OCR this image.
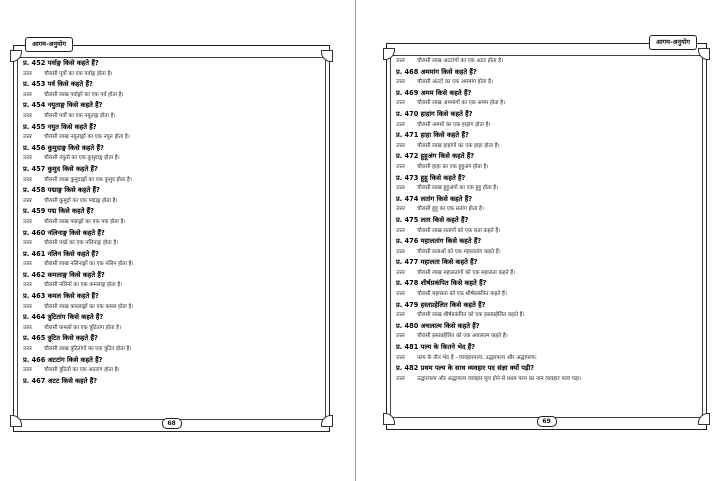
प्र. 452 पर्वाङ्ग किसे कहते हैं?
उत्तर चौरासी पूर्वों का एक पर्वाङ्ग होता है।
प्र. 453 पर्व किसे कहते हैं?
उत्तर चौरासी लाख पर्वाङ्गों का एक पर्व होता है।
प्र. 454 नयुताङ्ग किसे कहते हैं?
उत्तर चौरासी पर्वों का एक नयुताङ्ग होता है।
प्र. 455 नयुत किसे कहते हैं?
उत्तर चौरासी लाख नयुताङ्गों का एक नयुत होता है।
प्र. 456 कुमुदाङ्ग किसे कहते हैं?
उत्तर चौरासी नयुतों का एक कुमुदाङ्ग होता है।
प्र. 457 कुमुद किसे कहते हैं?
उत्तर चौरासी लाख कुमुदाङ्गों का एक कुमुद होता है।
प्र. 458 पद्माङ्ग किसे कहते हैं?
उत्तर चौरासी कुमुदों का एक पद्माङ्ग होता है।
प्र. 459 पद्म किसे कहते हैं?
उत्तर चौरासी लाख पद्माङ्गों का एक पद्म होता है।
प्र. 460 नलिनाङ्ग किसे कहते हैं?
उत्तर चौरासी पद्मों का एक नलिनाङ्ग होता है।
प्र. 461 नलिन किसे कहते हैं?
उत्तर चौरासी लाख नलिनाङ्गों का एक नलिन होता है।
प्र. 462 कमलाङ्ग किसे कहते हैं?
उत्तर चौरासी नलिनों का एक कमलाङ्ग होता है।
प्र. 463 कमल किसे कहते हैं?
उत्तर चौरासी लाख कमलाङ्गों का एक कमल होता है।
प्र. 464 त्रुटितांग किसे कहते हैं?
उत्तर चौरासी कमलों का एक त्रुटितांग होता है।
प्र. 465 त्रुटित किसे कहते हैं?
उत्तर चौरासी लाख त्रुटितांगों का एक त्रुटित होता है।
प्र. 466 अटटांग किसे कहते हैं?
उत्तर चौरासी त्रुटितों का एक अटटांग होता है।
प्र. 467 अटट किसे कहते हैं?
68
आगम-अनुयोग
उत्तर चौरासी लाख अटटांगों का एक अटट होता है।
प्र. 468 अममांग किसे कहते हैं?
उत्तर चौरासी अटटों का एक अममांग होता है।
प्र. 469 अमम किसे कहते हैं?
उत्तर चौरासी लाख अममांगों का एक अमम होता है।
प्र. 470 हाहांग किसे कहते हैं?
उत्तर चौरासी अममों का एक हाहांग होता है।
प्र. 471 हाहा किसे कहते हैं?
उत्तर चौरासी लाख हाहांगों का एक हाहा होता है।
प्र. 472 हूहूअंग किसे कहते हैं?
उत्तर चौरासी हाहा का एक हूहूअंग होता है।
प्र. 473 हूहू किसे कहते हैं?
उत्तर चौरासी लाख हूहूअंगों का एक हूहू होता है।
प्र. 474 लतांग किसे कहते हैं?
उत्तर चौरासी हूहू का एक लतांग होता है।
प्र. 475 लता किसे कहते हैं?
उत्तर चौरासी लाख लतांगों को एक लता कहते हैं।
प्र. 476 महालतांग किसे कहते हैं?
उत्तर चौरासी लताओं को एक महालतांग कहते हैं।
प्र. 477 महालता किसे कहते हैं?
उत्तर चौरासी लाख महालतांगों को एक महालता कहते हैं।
प्र. 478 शीर्षप्रकंपित किसे कहते हैं?
उत्तर चौरासी महालता को एक शीर्षप्रकंपित कहते हैं।
प्र. 479 हस्तप्रहेलित किसे कहते हैं?
उत्तर चौरासी लाख शीर्षप्रकंपित को एक हस्तप्रहेलित कहते हैं।
प्र. 480 अचलात्म किसे कहते हैं?
उत्तर चौरासी हस्तप्रहेलित को एक अचलात्म कहते हैं।
प्र. 481 पल्य के कितने भेद हैं?
उत्तर पल्य के तीन भेद हैं - व्यवहारपल्य, उद्धारपल्य और अद्धापल्य।
प्र. 482 प्रथम पल्य के साथ व्यवहार पद संज्ञा क्यों पड़ी?
उत्तर उद्धारपल्य और अद्धापल्य व्यवहार मूल होने से प्रथम पल्य का नाम व्यवहार पल्य पड़ा।
69
आगम-अनुयोग
